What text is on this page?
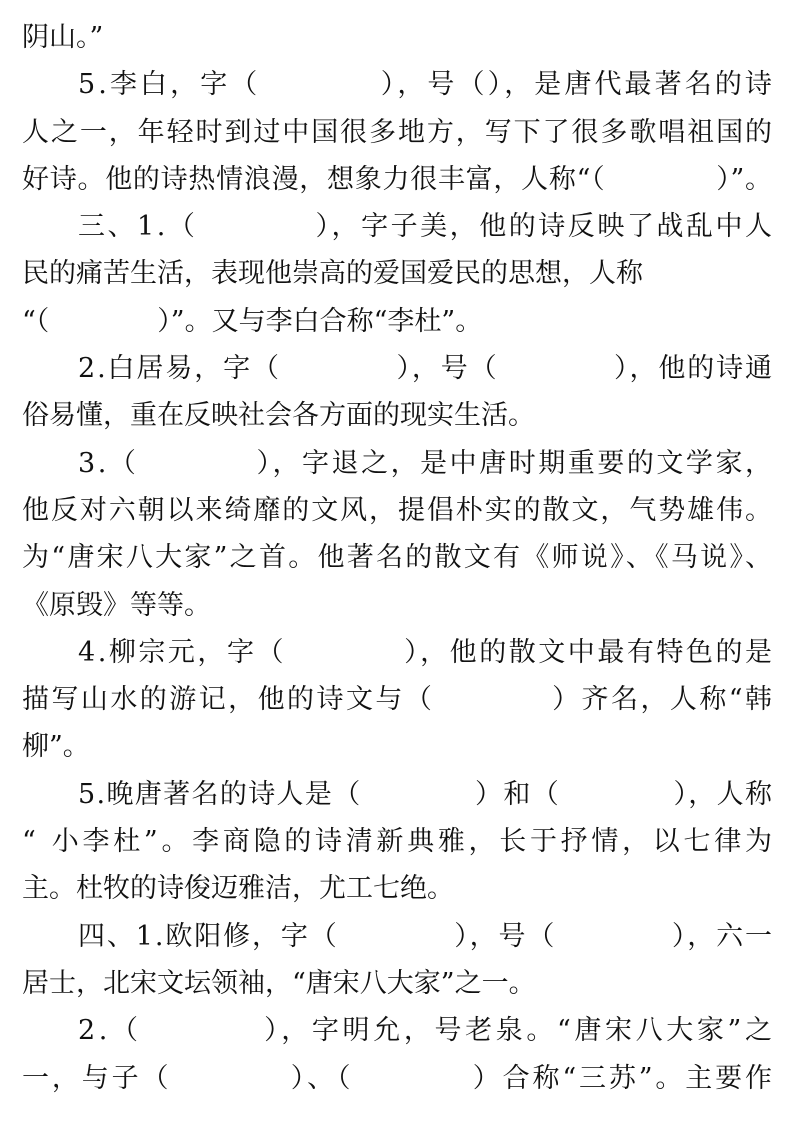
阴山。”
5.李白，字（　　　　），号（），是唐代最著名的诗
人之一，年轻时到过中国很多地方，写下了很多歌唱祖国的
好诗。他的诗热情浪漫，想象力很丰富，人称“（　　　　）”。
三、1.（　　　　），字子美，他的诗反映了战乱中人
民的痛苦生活，表现他崇高的爱国爱民的思想，人称
“（　　　　）”。又与李白合称“李杜”。
2.白居易，字（　　　　），号（　　　　），他的诗通
俗易懂，重在反映社会各方面的现实生活。
3.（　　　　），字退之，是中唐时期重要的文学家，
他反对六朝以来绮靡的文风，提倡朴实的散文，气势雄伟。
为“唐宋八大家”之首。他著名的散文有《师说》、《马说》、
《原毁》等等。
4.柳宗元，字（　　　　），他的散文中最有特色的是
描写山水的游记，他的诗文与（　　　　）齐名，人称“韩
柳”。
5.晚唐著名的诗人是（　　　　）和（　　　　），人称
“ 小李杜”。李商隐的诗清新典雅，长于抒情，以七律为
主。杜牧的诗俊迈雅洁，尤工七绝。
四、1.欧阳修，字（　　　　），号（　　　　），六一
居士，北宋文坛领袖，“唐宋八大家”之一。
2.（　　　　），字明允，号老泉。“唐宋八大家”之
一，与子（　　　　）、（　　　　）合称“三苏”。主要作
